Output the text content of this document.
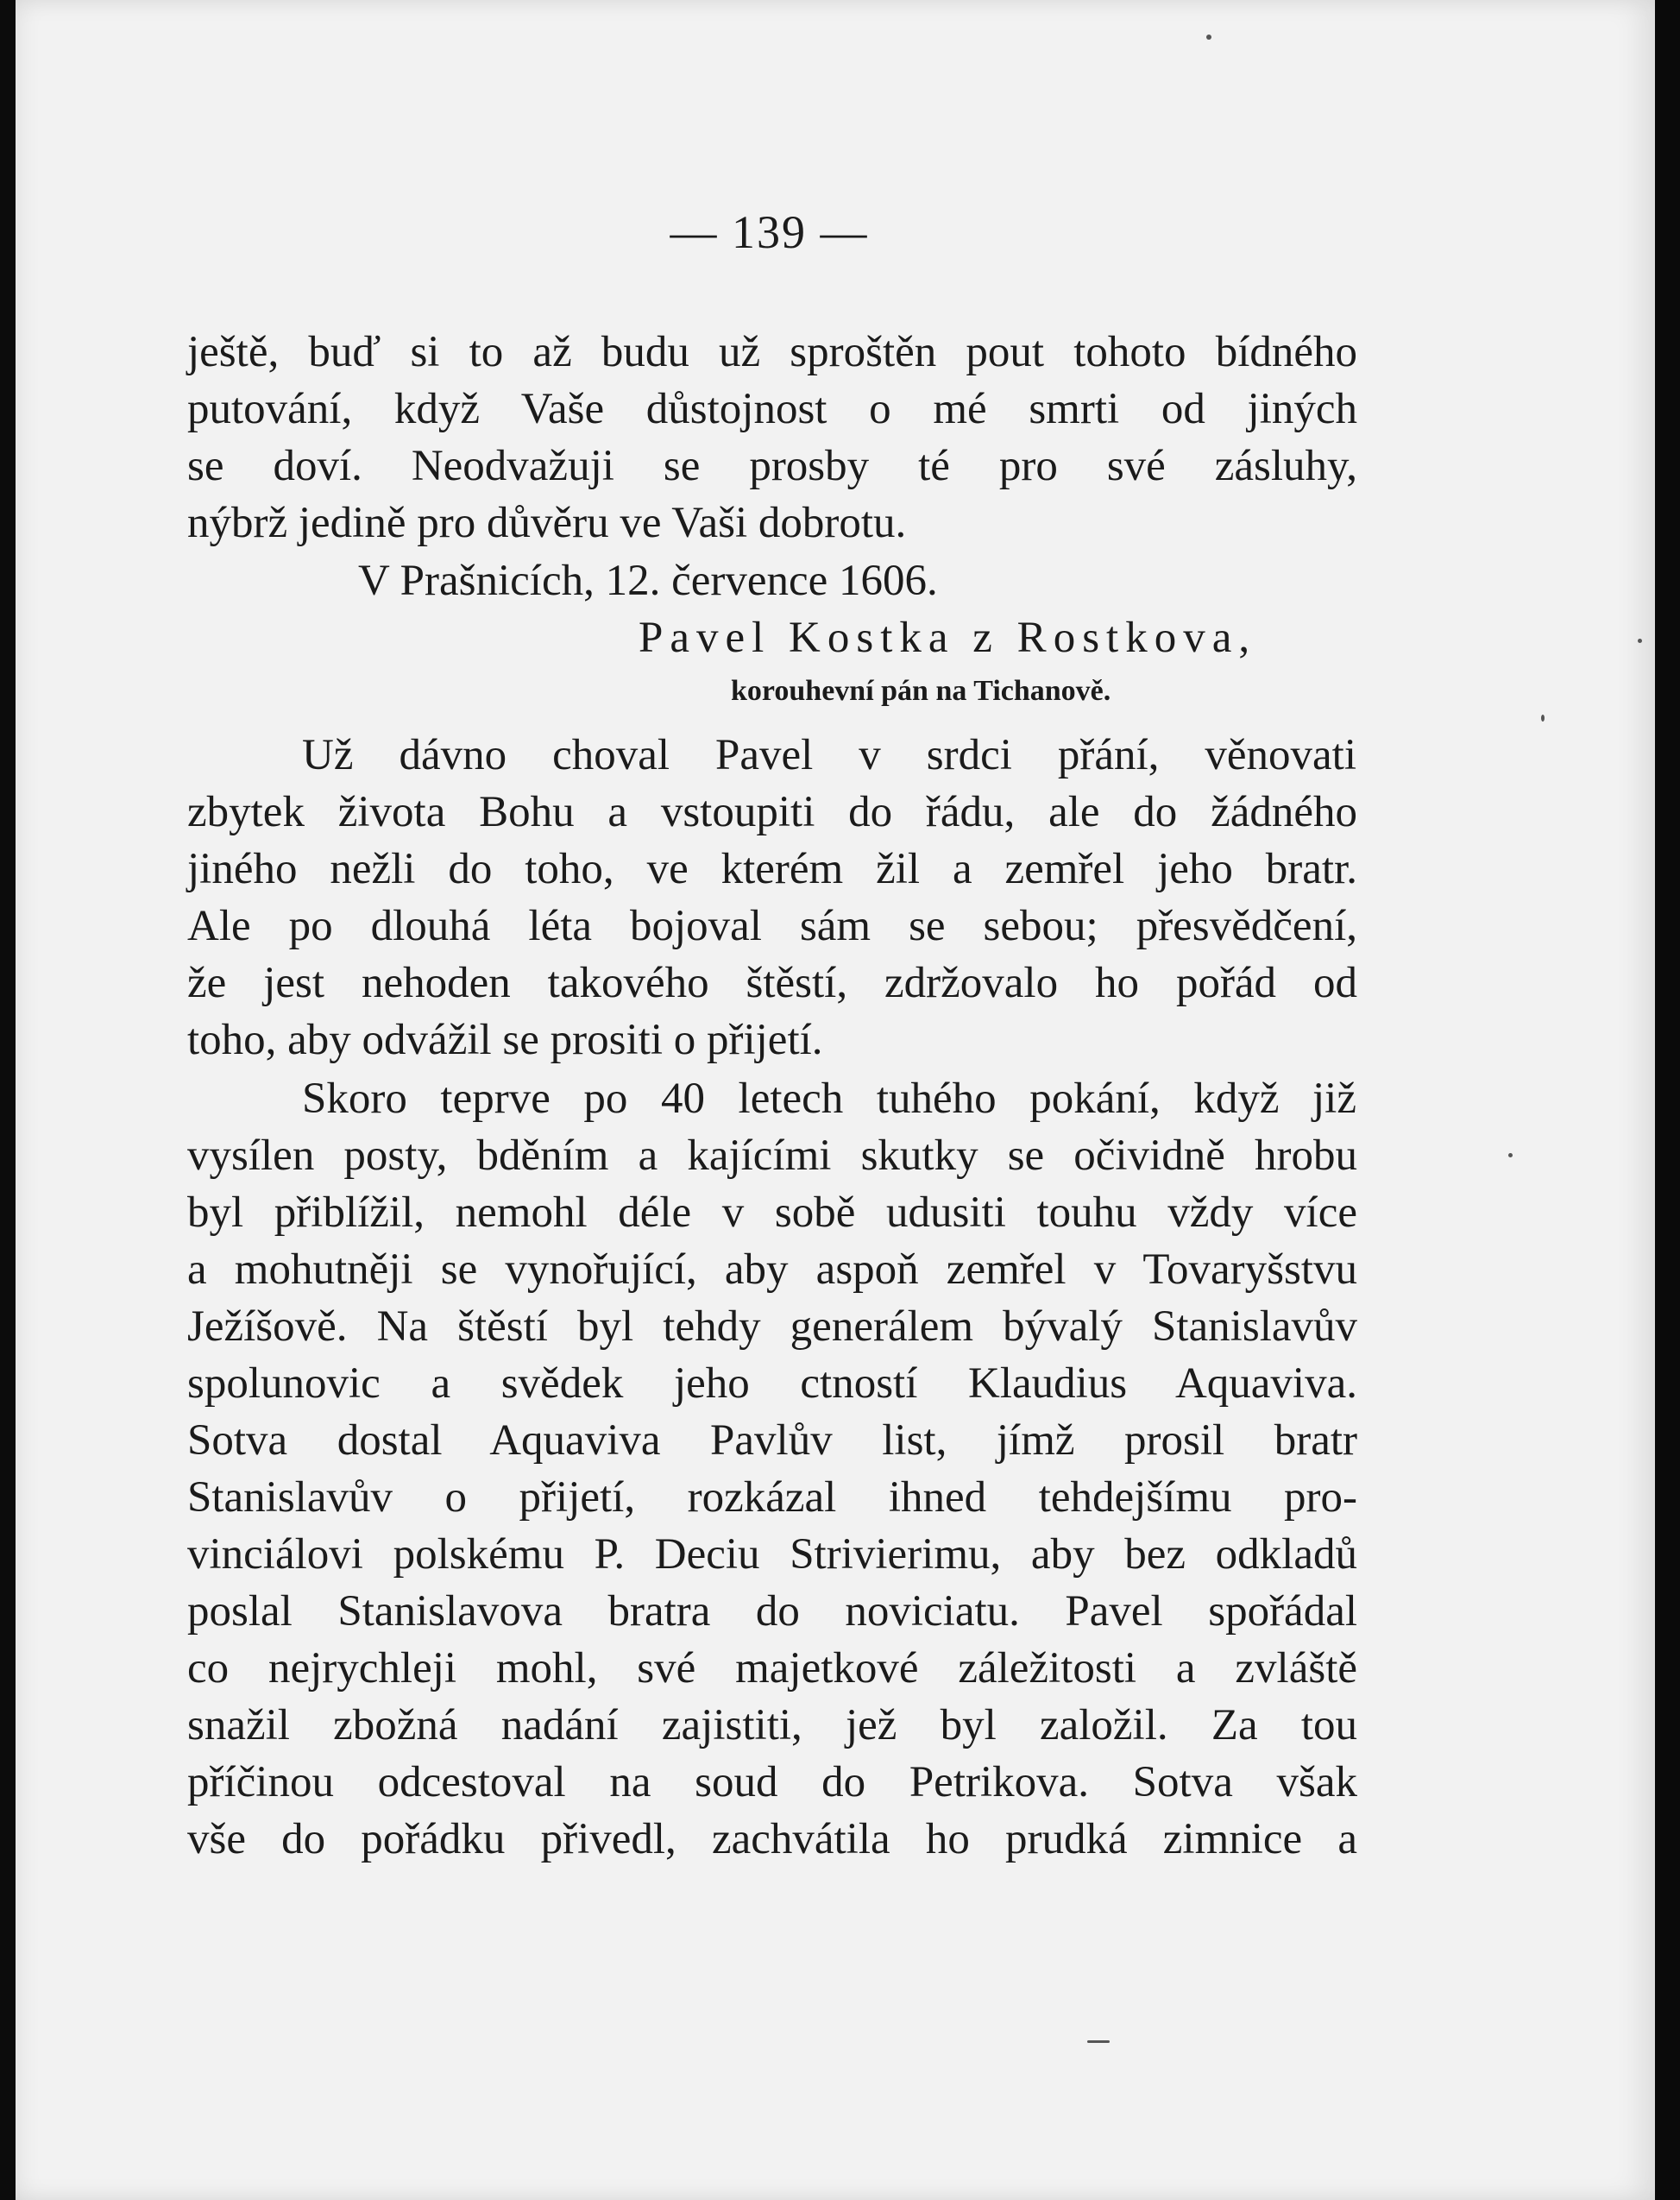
— 139 —
ještě, buď si to až budu už sproštěn pout tohoto bídného
putování, když Vaše důstojnost o mé smrti od jiných
se doví. Neodvažuji se prosby té pro své zásluhy,
nýbrž jedině pro důvěru ve Vaši dobrotu.
V Prašnicích, 12. července 1606.
Pavel Kostka z Rostkova,
korouhevní pán na Tichanově.
Už dávno choval Pavel v srdci přání, věnovati
zbytek života Bohu a vstoupiti do řádu, ale do žádného
jiného nežli do toho, ve kterém žil a zemřel jeho bratr.
Ale po dlouhá léta bojoval sám se sebou; přesvědčení,
že jest nehoden takového štěstí, zdržovalo ho pořád od
toho, aby odvážil se prositi o přijetí.
Skoro teprve po 40 letech tuhého pokání, když již
vysílen posty, bděním a kajícími skutky se očividně hrobu
byl přiblížil, nemohl déle v sobě udusiti touhu vždy více
a mohutněji se vynořující, aby aspoň zemřel v Tovaryšstvu
Ježíšově. Na štěstí byl tehdy generálem bývalý Stanislavův
spolunovic a svědek jeho ctností Klaudius Aquaviva.
Sotva dostal Aquaviva Pavlův list, jímž prosil bratr
Stanislavův o přijetí, rozkázal ihned tehdejšímu pro-
vinciálovi polskému P. Deciu Strivierimu, aby bez odkladů
poslal Stanislavova bratra do noviciatu. Pavel spořádal
co nejrychleji mohl, své majetkové záležitosti a zvláště
snažil zbožná nadání zajistiti, jež byl založil. Za tou
příčinou odcestoval na soud do Petrikova. Sotva však
vše do pořádku přivedl, zachvátila ho prudká zimnice a
